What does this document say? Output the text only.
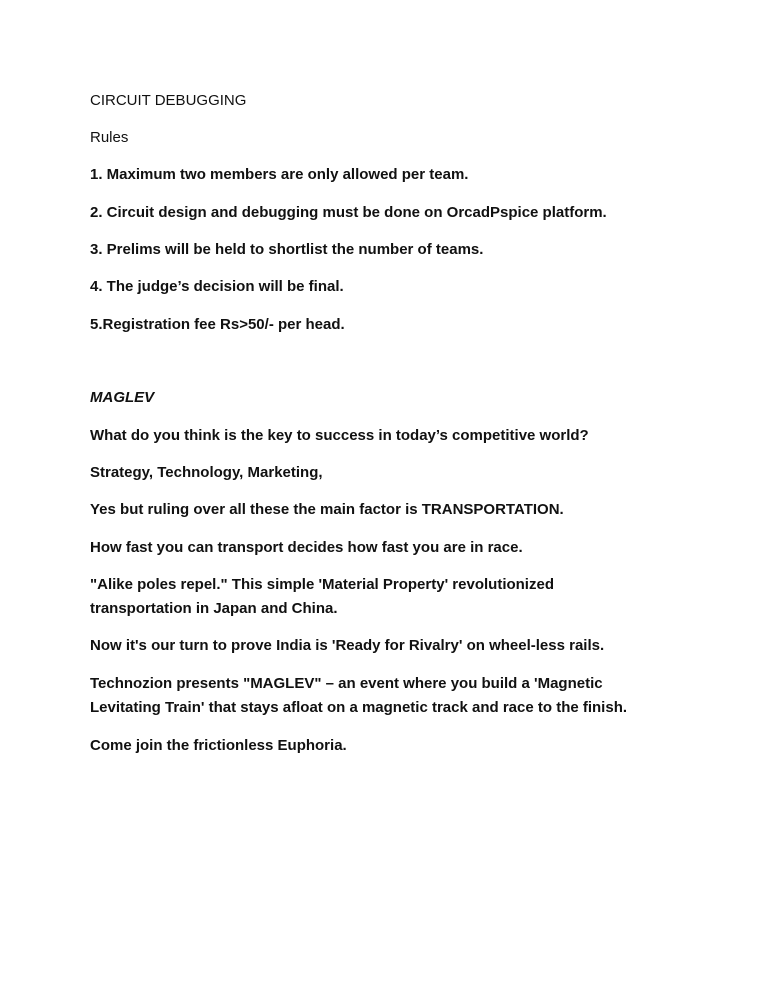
CIRCUIT DEBUGGING

Rules

1. Maximum two members are only allowed per team.

2. Circuit design and debugging must be done on OrcadPspice platform.

3. Prelims will be held to shortlist the number of teams.

4. The judge’s decision will be final.

5.Registration fee Rs>50/- per head.

MAGLEV

What do you think is the key to success in today’s competitive world?

Strategy, Technology, Marketing,

Yes but ruling over all these the main factor is TRANSPORTATION.

How fast you can transport decides how fast you are in race.

"Alike poles repel." This simple 'Material Property' revolutionized

transportation in Japan and China.

Now it's our turn to prove India is 'Ready for Rivalry' on wheel-less rails.

Technozion presents "MAGLEV" – an event where you build a 'Magnetic

Levitating Train' that stays afloat on a magnetic track and race to the finish.

Come join the frictionless Euphoria.
